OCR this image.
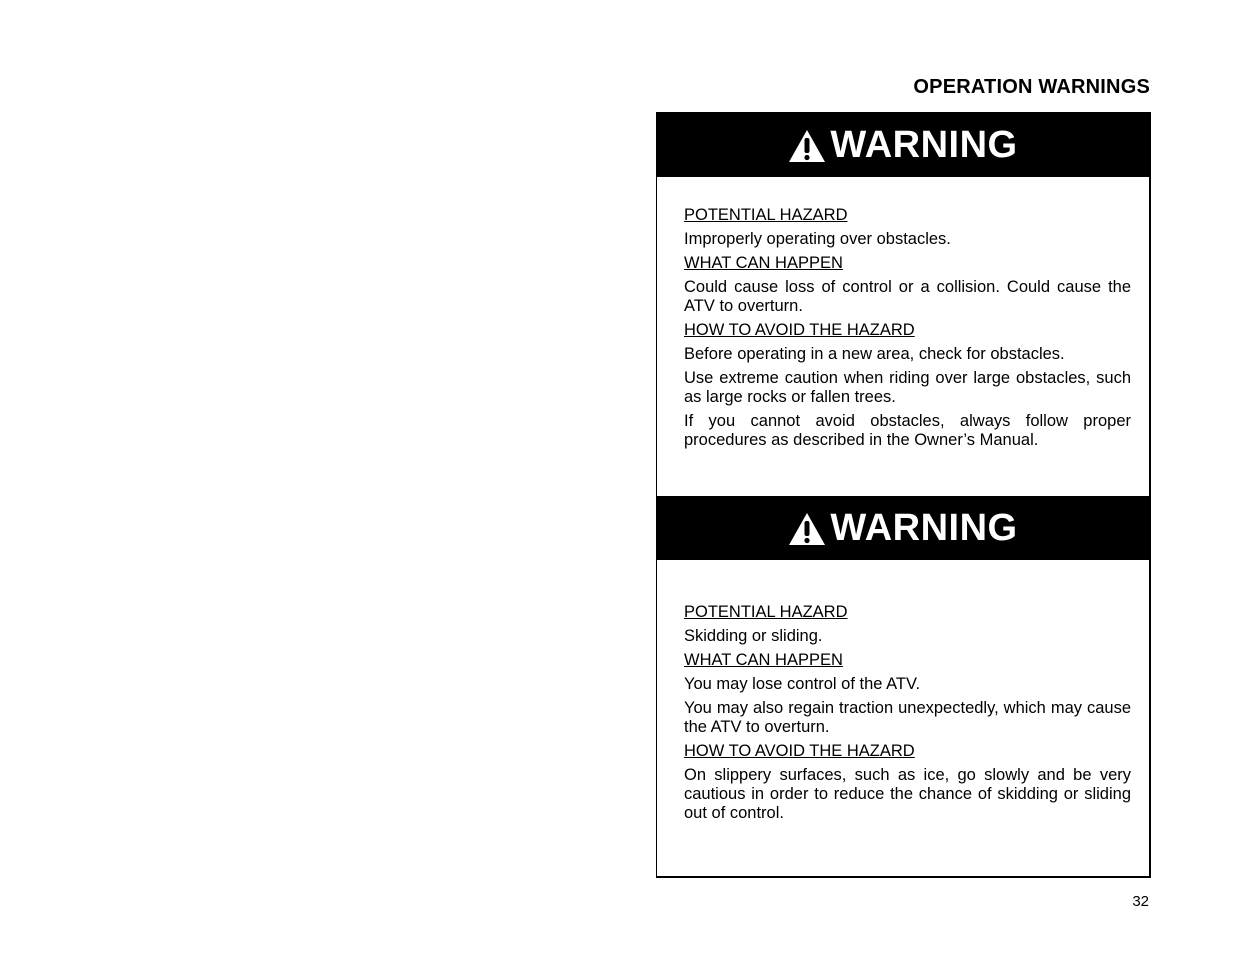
OPERATION WARNINGS
WARNING
POTENTIAL HAZARD

Improperly operating over obstacles.

WHAT CAN HAPPEN

Could cause loss of control or a collision. Could cause the ATV to overturn.

HOW TO AVOID THE HAZARD

Before operating in a new area, check for obstacles.

Use extreme caution when riding over large obstacles, such as large rocks or fallen trees.

If you cannot avoid obstacles, always follow proper procedures as described in the Owner’s Manual.

WARNING
POTENTIAL HAZARD

Skidding or sliding.

WHAT CAN HAPPEN

You may lose control of the ATV.

You may also regain traction unexpectedly, which may cause the ATV to overturn.

HOW TO AVOID THE HAZARD

On slippery surfaces, such as ice, go slowly and be very cautious in order to reduce the chance of skidding or sliding out of control.

32
